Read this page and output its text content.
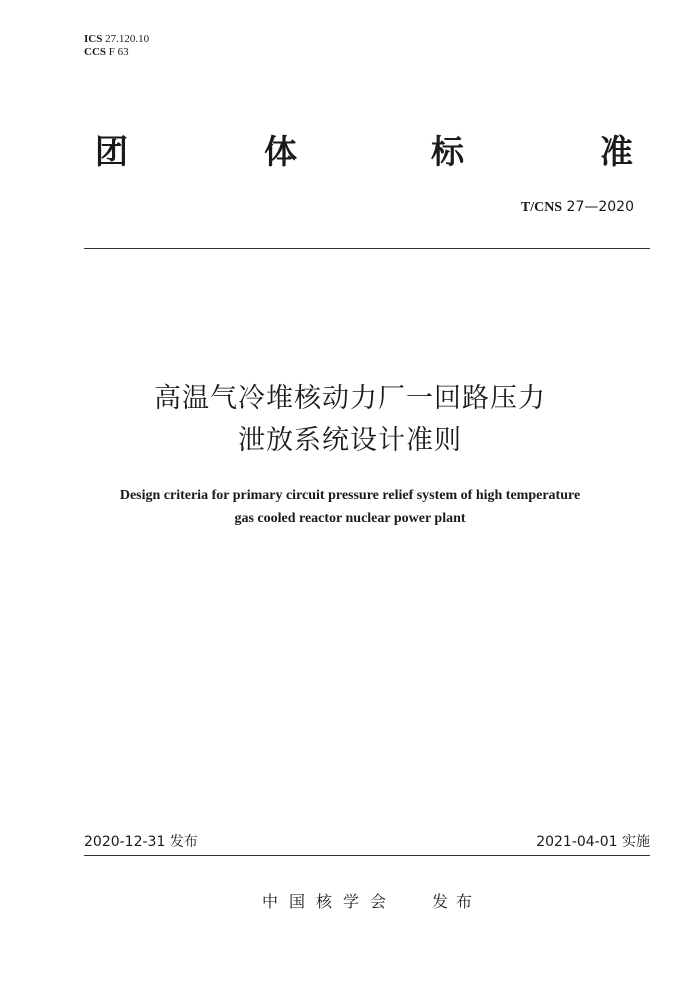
ICS 27.120.10
CCS F 63
团	体	标	准
T/CNS 27—2020
高温气冷堆核动力厂一回路压力
泄放系统设计准则
Design criteria for primary circuit pressure relief system of high temperature
gas cooled reactor nuclear power plant
2020-12-31 发布	2021-04-01 实施
中国核学会 发布
